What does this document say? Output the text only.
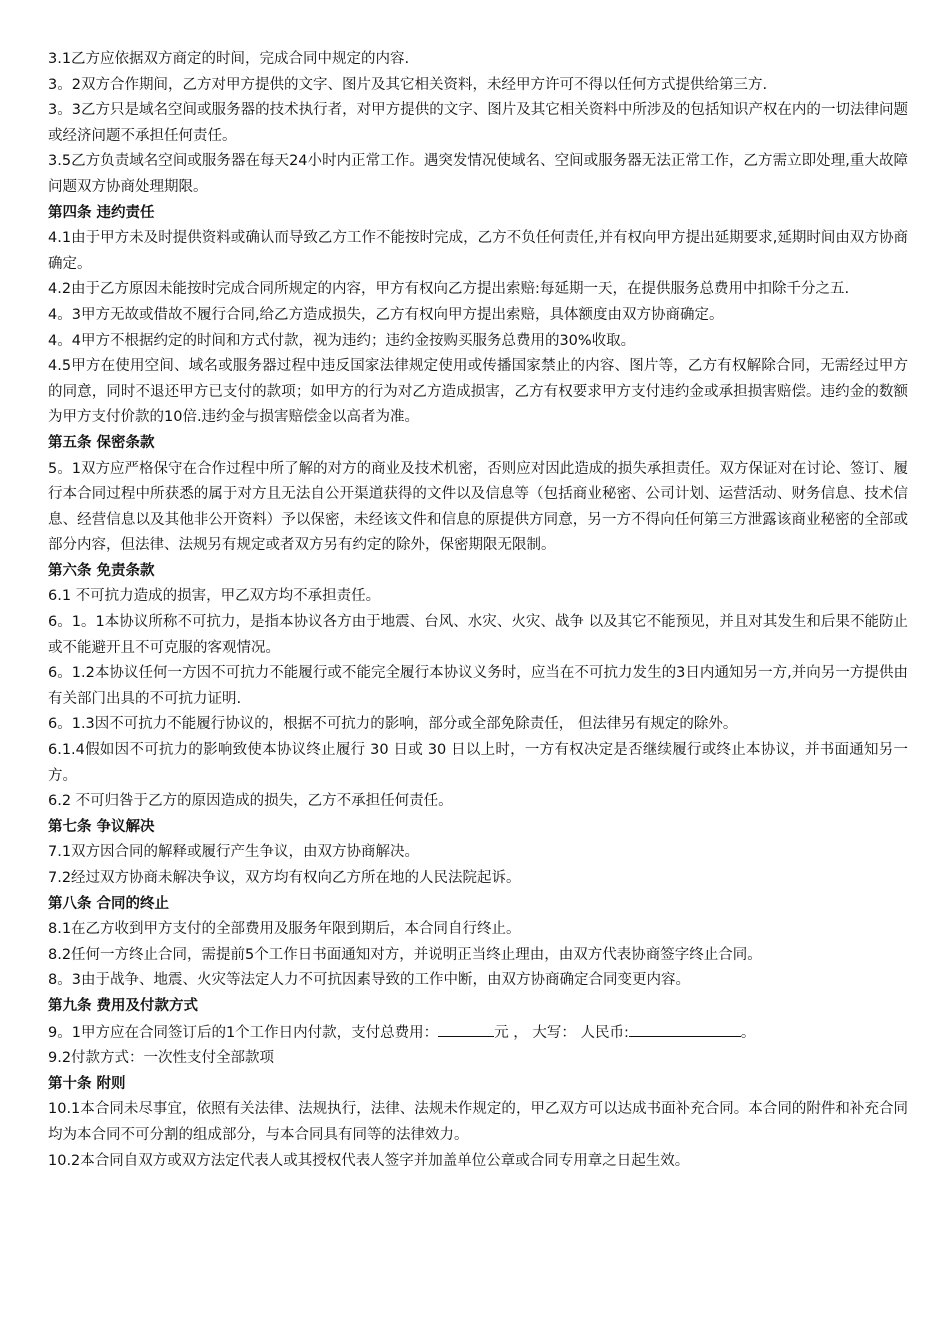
3.1乙方应依据双方商定的时间，完成合同中规定的内容.

3。2双方合作期间，乙方对甲方提供的文字、图片及其它相关资料，未经甲方许可不得以任何方式提供给第三方.

3。3乙方只是域名空间或服务器的技术执行者，对甲方提供的文字、图片及其它相关资料中所涉及的包括知识产权在内的一切法律问题或经济问题不承担任何责任。

3.5乙方负责域名空间或服务器在每天24小时内正常工作。遇突发情况使域名、空间或服务器无法正常工作，乙方需立即处理,重大故障问题双方协商处理期限。

第四条 违约责任

4.1由于甲方未及时提供资料或确认而导致乙方工作不能按时完成，乙方不负任何责任,并有权向甲方提出延期要求,延期时间由双方协商确定。

4.2由于乙方原因未能按时完成合同所规定的内容，甲方有权向乙方提出索赔:每延期一天，在提供服务总费用中扣除千分之五.

4。3甲方无故或借故不履行合同,给乙方造成损失，乙方有权向甲方提出索赔，具体额度由双方协商确定。

4。4甲方不根据约定的时间和方式付款，视为违约；违约金按购买服务总费用的30%收取。

4.5甲方在使用空间、域名或服务器过程中违反国家法律规定使用或传播国家禁止的内容、图片等，乙方有权解除合同，无需经过甲方的同意，同时不退还甲方已支付的款项；如甲方的行为对乙方造成损害，乙方有权要求甲方支付违约金或承担损害赔偿。违约金的数额为甲方支付价款的10倍.违约金与损害赔偿金以高者为准。

第五条 保密条款

5。1双方应严格保守在合作过程中所了解的对方的商业及技术机密，否则应对因此造成的损失承担责任。双方保证对在讨论、签订、履行本合同过程中所获悉的属于对方且无法自公开渠道获得的文件以及信息等（包括商业秘密、公司计划、运营活动、财务信息、技术信息、经营信息以及其他非公开资料）予以保密，未经该文件和信息的原提供方同意，另一方不得向任何第三方泄露该商业秘密的全部或部分内容，但法律、法规另有规定或者双方另有约定的除外，保密期限无限制。

第六条 免责条款

6.1 不可抗力造成的损害，甲乙双方均不承担责任。

6。1。1本协议所称不可抗力，是指本协议各方由于地震、台风、水灾、火灾、战争 以及其它不能预见，并且对其发生和后果不能防止或不能避开且不可克服的客观情况。

6。1.2本协议任何一方因不可抗力不能履行或不能完全履行本协议义务时，应当在不可抗力发生的3日内通知另一方,并向另一方提供由有关部门出具的不可抗力证明.

6。1.3因不可抗力不能履行协议的，根据不可抗力的影响，部分或全部免除责任， 但法律另有规定的除外。

6.1.4假如因不可抗力的影响致使本协议终止履行 30 日或 30 日以上时，一方有权决定是否继续履行或终止本协议，并书面通知另一方。

6.2 不可归咎于乙方的原因造成的损失，乙方不承担任何责任。

第七条 争议解决

7.1双方因合同的解释或履行产生争议，由双方协商解决。

7.2经过双方协商未解决争议，双方均有权向乙方所在地的人民法院起诉。

第八条 合同的终止

8.1在乙方收到甲方支付的全部费用及服务年限到期后，本合同自行终止。

8.2任何一方终止合同，需提前5个工作日书面通知对方，并说明正当终止理由，由双方代表协商签字终止合同。

8。3由于战争、地震、火灾等法定人力不可抗因素导致的工作中断，由双方协商确定合同变更内容。

第九条 费用及付款方式

9。1甲方应在合同签订后的1个工作日内付款，支付总费用：	元 ， 大写： 人民币:	。

9.2付款方式：一次性支付全部款项

第十条 附则

10.1本合同未尽事宜，依照有关法律、法规执行，法律、法规未作规定的，甲乙双方可以达成书面补充合同。本合同的附件和补充合同均为本合同不可分割的组成部分，与本合同具有同等的法律效力。

10.2本合同自双方或双方法定代表人或其授权代表人签字并加盖单位公章或合同专用章之日起生效。
